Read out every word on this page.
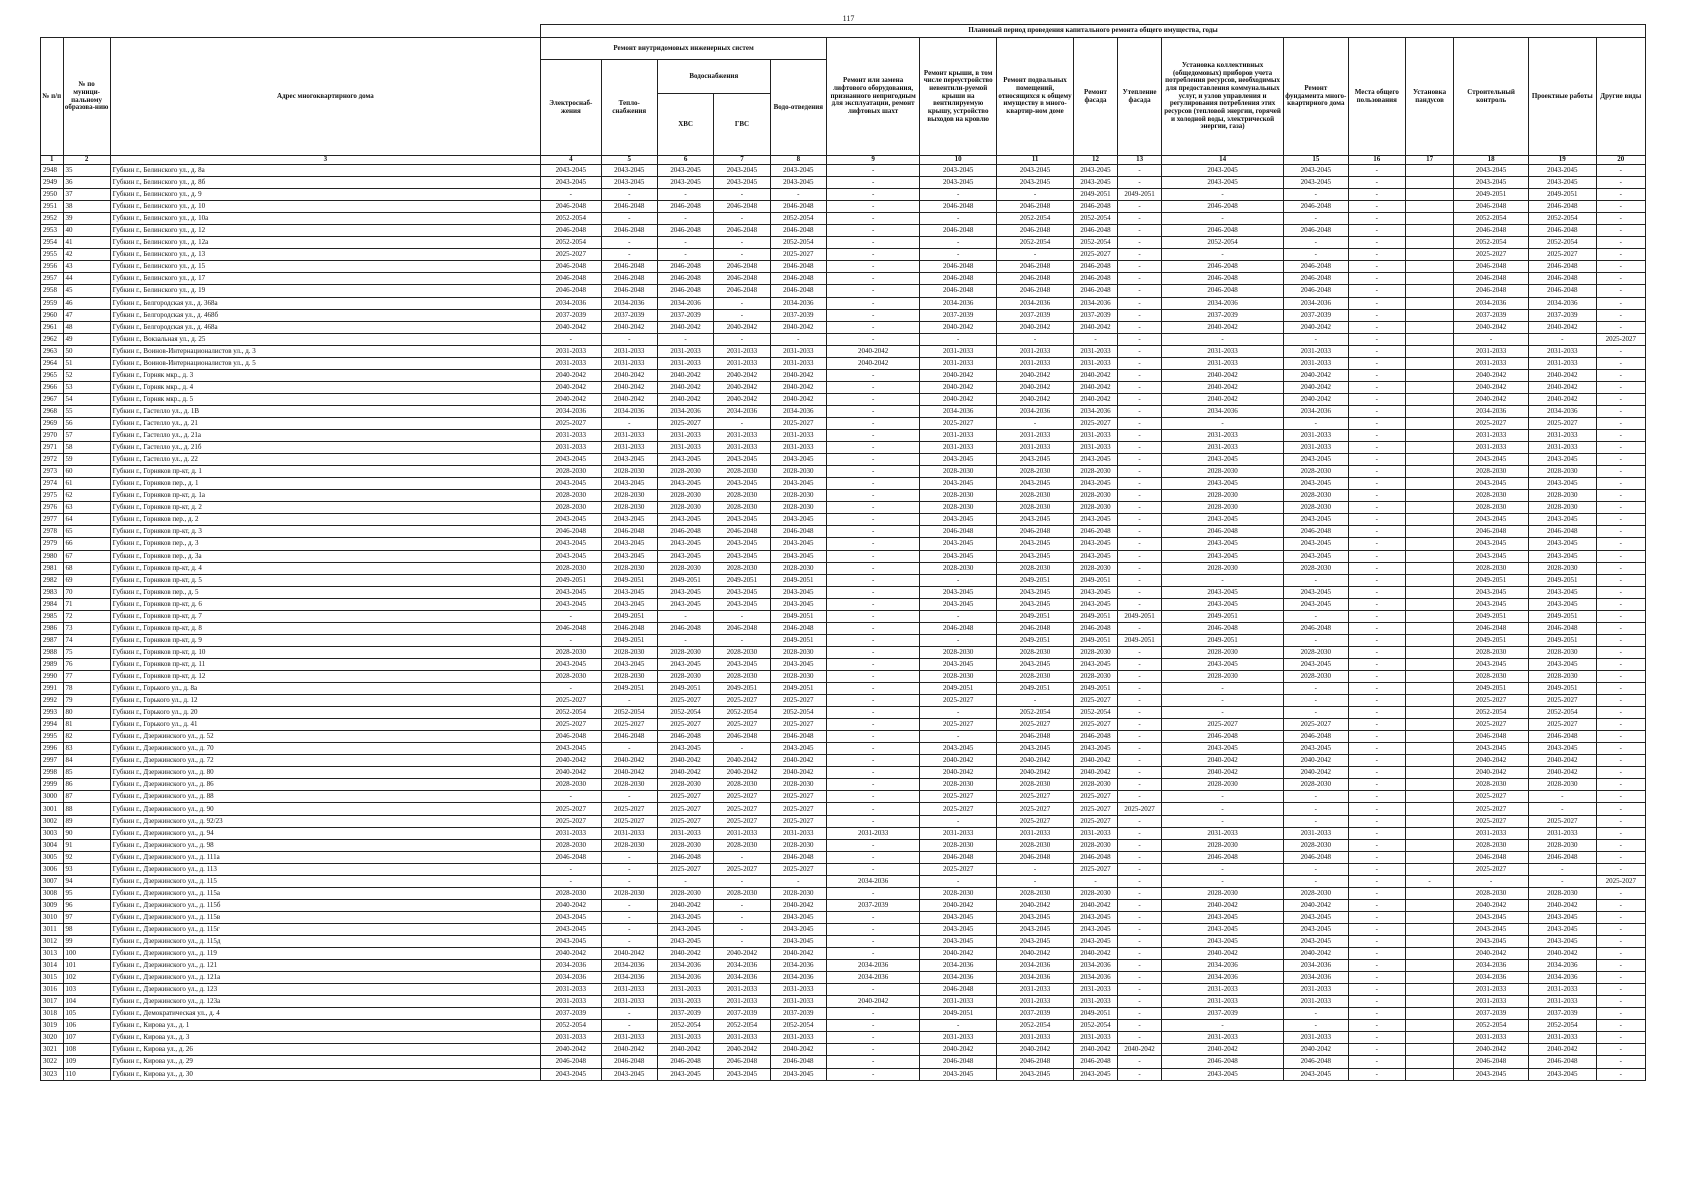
117
			Плановый период проведения капитального ремонта общего имущества, годы																
№ п/п	№ по муници-пальному образова-нию	Адрес многоквартирного дома	Ремонт внутридомовых инженерных систем					Ремонт или замена лифтового оборудования, признанного непригодным для эксплуатации, ремонт лифтовых шахт	Ремонт крыши, в том числе переустройство невентили-руемой крыши на вентилируемую крышу, устройство выходов на кровлю	Ремонт подвальных помещений, относящихся к общему имуществу в много-квартир-ном доме	Ремонт фасада	Утепление фасада	Установка коллективных (общедомовых) приборов учета потребления ресурсов, необходимых для предоставления коммунальных услуг, и узлов управления и регулирования потребления этих ресурсов (тепловой энергии, горячей и холодной воды, электрической энергии, газа)	Ремонт фундамента много-квартирного дома	Места общего пользования	Установка пандусов	Строительный контроль	Проектные работы	Другие виды
			Электроснаб-жения	Тепло-снабжения	Водоснабжения		Водо-отведения												
					ХВС	ГВС													

1	2	3	4	5	6	7	8	9	10	11	12	13	14	15	16	17	18	19	20
2948	35	Губкин г., Белинского ул., д. 8а	2043-2045	2043-2045	2043-2045	2043-2045	2043-2045	-	2043-2045	2043-2045	2043-2045	-	2043-2045	2043-2045	-		2043-2045	2043-2045	-
2949	36	Губкин г., Белинского ул., д. 8б	2043-2045	2043-2045	2043-2045	2043-2045	2043-2045	-	2043-2045	2043-2045	2043-2045	-	2043-2045	2043-2045	-		2043-2045	2043-2045	-
2950	37	Губкин г., Белинского ул., д. 9	-	-	-	-	-	-	-	-	2049-2051	2049-2051	-	-	-		2049-2051	2049-2051	-
2951	38	Губкин г., Белинского ул., д. 10	2046-2048	2046-2048	2046-2048	2046-2048	2046-2048	-	2046-2048	2046-2048	2046-2048	-	2046-2048	2046-2048	-		2046-2048	2046-2048	-
2952	39	Губкин г., Белинского ул., д. 10а	2052-2054	-	-	-	2052-2054	-	-	2052-2054	2052-2054	-	-	-	-		2052-2054	2052-2054	-
2953	40	Губкин г., Белинского ул., д. 12	2046-2048	2046-2048	2046-2048	2046-2048	2046-2048	-	2046-2048	2046-2048	2046-2048	-	2046-2048	2046-2048	-		2046-2048	2046-2048	-
2954	41	Губкин г., Белинского ул., д. 12а	2052-2054	-	-	-	2052-2054	-	-	2052-2054	2052-2054	-	2052-2054	-	-		2052-2054	2052-2054	-
2955	42	Губкин г., Белинского ул., д. 13	2025-2027	-	-	-	2025-2027	-	-	-	2025-2027	-	-	-	-		2025-2027	2025-2027	-
2956	43	Губкин г., Белинского ул., д. 15	2046-2048	2046-2048	2046-2048	2046-2048	2046-2048	-	2046-2048	2046-2048	2046-2048	-	2046-2048	2046-2048	-		2046-2048	2046-2048	-
2957	44	Губкин г., Белинского ул., д. 17	2046-2048	2046-2048	2046-2048	2046-2048	2046-2048	-	2046-2048	2046-2048	2046-2048	-	2046-2048	2046-2048	-		2046-2048	2046-2048	-
2958	45	Губкин г., Белинского ул., д. 19	2046-2048	2046-2048	2046-2048	2046-2048	2046-2048	-	2046-2048	2046-2048	2046-2048	-	2046-2048	2046-2048	-		2046-2048	2046-2048	-
2959	46	Губкин г., Белгородская ул., д. 368а	2034-2036	2034-2036	2034-2036	-	2034-2036	-	2034-2036	2034-2036	2034-2036	-	2034-2036	2034-2036	-		2034-2036	2034-2036	-
2960	47	Губкин г., Белгородская ул., д. 468б	2037-2039	2037-2039	2037-2039	-	2037-2039	-	2037-2039	2037-2039	2037-2039	-	2037-2039	2037-2039	-		2037-2039	2037-2039	-
2961	48	Губкин г., Белгородская ул., д. 468а	2040-2042	2040-2042	2040-2042	2040-2042	2040-2042	-	2040-2042	2040-2042	2040-2042	-	2040-2042	2040-2042	-		2040-2042	2040-2042	-
2962	49	Губкин г., Вокзальная ул., д. 25	-	-	-	-	-	-	-	-	-	-	-	-	-		-	-	2025-2027
2963	50	Губкин г., Воинов-Интернационалистов ул., д. 3	2031-2033	2031-2033	2031-2033	2031-2033	2031-2033	2040-2042	2031-2033	2031-2033	2031-2033	-	2031-2033	2031-2033	-		2031-2033	2031-2033	-
2964	51	Губкин г., Воинов-Интернационалистов ул., д. 5	2031-2033	2031-2033	2031-2033	2031-2033	2031-2033	2040-2042	2031-2033	2031-2033	2031-2033	-	2031-2033	2031-2033	-		2031-2033	2031-2033	-
2965	52	Губкин г., Горняк мкр., д. 3	2040-2042	2040-2042	2040-2042	2040-2042	2040-2042	-	2040-2042	2040-2042	2040-2042	-	2040-2042	2040-2042	-		2040-2042	2040-2042	-
2966	53	Губкин г., Горняк мкр., д. 4	2040-2042	2040-2042	2040-2042	2040-2042	2040-2042	-	2040-2042	2040-2042	2040-2042	-	2040-2042	2040-2042	-		2040-2042	2040-2042	-
2967	54	Губкин г., Горняк мкр., д. 5	2040-2042	2040-2042	2040-2042	2040-2042	2040-2042	-	2040-2042	2040-2042	2040-2042	-	2040-2042	2040-2042	-		2040-2042	2040-2042	-
2968	55	Губкин г., Гастелло ул., д. 1В	2034-2036	2034-2036	2034-2036	2034-2036	2034-2036	-	2034-2036	2034-2036	2034-2036	-	2034-2036	2034-2036	-		2034-2036	2034-2036	-
2969	56	Губкин г., Гастелло ул., д. 21	2025-2027	-	2025-2027	-	2025-2027	-	2025-2027	-	2025-2027	-	-	-	-		2025-2027	2025-2027	-
2970	57	Губкин г., Гастелло ул., д. 21а	2031-2033	2031-2033	2031-2033	2031-2033	2031-2033	-	2031-2033	2031-2033	2031-2033	-	2031-2033	2031-2033	-		2031-2033	2031-2033	-
2971	58	Губкин г., Гастелло ул., д. 21б	2031-2033	2031-2033	2031-2033	2031-2033	2031-2033	-	2031-2033	2031-2033	2031-2033	-	2031-2033	2031-2033	-		2031-2033	2031-2033	-
2972	59	Губкин г., Гастелло ул., д. 22	2043-2045	2043-2045	2043-2045	2043-2045	2043-2045	-	2043-2045	2043-2045	2043-2045	-	2043-2045	2043-2045	-		2043-2045	2043-2045	-
2973	60	Губкин г., Горняков пр-кт, д. 1	2028-2030	2028-2030	2028-2030	2028-2030	2028-2030	-	2028-2030	2028-2030	2028-2030	-	2028-2030	2028-2030	-		2028-2030	2028-2030	-
2974	61	Губкин г., Горняков пер., д. 1	2043-2045	2043-2045	2043-2045	2043-2045	2043-2045	-	2043-2045	2043-2045	2043-2045	-	2043-2045	2043-2045	-		2043-2045	2043-2045	-
2975	62	Губкин г., Горняков пр-кт, д. 1а	2028-2030	2028-2030	2028-2030	2028-2030	2028-2030	-	2028-2030	2028-2030	2028-2030	-	2028-2030	2028-2030	-		2028-2030	2028-2030	-
2976	63	Губкин г., Горняков пр-кт, д. 2	2028-2030	2028-2030	2028-2030	2028-2030	2028-2030	-	2028-2030	2028-2030	2028-2030	-	2028-2030	2028-2030	-		2028-2030	2028-2030	-
2977	64	Губкин г., Горняков пер., д. 2	2043-2045	2043-2045	2043-2045	2043-2045	2043-2045	-	2043-2045	2043-2045	2043-2045	-	2043-2045	2043-2045	-		2043-2045	2043-2045	-
2978	65	Губкин г., Горняков пр-кт, д. 3	2046-2048	2046-2048	2046-2048	2046-2048	2046-2048	-	2046-2048	2046-2048	2046-2048	-	2046-2048	2046-2048	-		2046-2048	2046-2048	-
2979	66	Губкин г., Горняков пер., д. 3	2043-2045	2043-2045	2043-2045	2043-2045	2043-2045	-	2043-2045	2043-2045	2043-2045	-	2043-2045	2043-2045	-		2043-2045	2043-2045	-
2980	67	Губкин г., Горняков пер., д. 3а	2043-2045	2043-2045	2043-2045	2043-2045	2043-2045	-	2043-2045	2043-2045	2043-2045	-	2043-2045	2043-2045	-		2043-2045	2043-2045	-
2981	68	Губкин г., Горняков пр-кт, д. 4	2028-2030	2028-2030	2028-2030	2028-2030	2028-2030	-	2028-2030	2028-2030	2028-2030	-	2028-2030	2028-2030	-		2028-2030	2028-2030	-
2982	69	Губкин г., Горняков пр-кт, д. 5	2049-2051	2049-2051	2049-2051	2049-2051	2049-2051	-	-	2049-2051	2049-2051	-	-	-	-		2049-2051	2049-2051	-
2983	70	Губкин г., Горняков пер., д. 5	2043-2045	2043-2045	2043-2045	2043-2045	2043-2045	-	2043-2045	2043-2045	2043-2045	-	2043-2045	2043-2045	-		2043-2045	2043-2045	-
2984	71	Губкин г., Горняков пр-кт, д. 6	2043-2045	2043-2045	2043-2045	2043-2045	2043-2045	-	2043-2045	2043-2045	2043-2045	-	2043-2045	2043-2045	-		2043-2045	2043-2045	-
2985	72	Губкин г., Горняков пр-кт, д. 7	-	2049-2051	-	-	2049-2051	-	-	2049-2051	2049-2051	2049-2051	2049-2051	-	-		2049-2051	2049-2051	-
2986	73	Губкин г., Горняков пр-кт, д. 8	2046-2048	2046-2048	2046-2048	2046-2048	2046-2048	-	2046-2048	2046-2048	2046-2048	-	2046-2048	2046-2048	-		2046-2048	2046-2048	-
2987	74	Губкин г., Горняков пр-кт, д. 9	-	2049-2051	-	-	2049-2051	-	-	2049-2051	2049-2051	2049-2051	2049-2051	-	-		2049-2051	2049-2051	-
2988	75	Губкин г., Горняков пр-кт, д. 10	2028-2030	2028-2030	2028-2030	2028-2030	2028-2030	-	2028-2030	2028-2030	2028-2030	-	2028-2030	2028-2030	-		2028-2030	2028-2030	-
2989	76	Губкин г., Горняков пр-кт, д. 11	2043-2045	2043-2045	2043-2045	2043-2045	2043-2045	-	2043-2045	2043-2045	2043-2045	-	2043-2045	2043-2045	-		2043-2045	2043-2045	-
2990	77	Губкин г., Горняков пр-кт, д. 12	2028-2030	2028-2030	2028-2030	2028-2030	2028-2030	-	2028-2030	2028-2030	2028-2030	-	2028-2030	2028-2030	-		2028-2030	2028-2030	-
2991	78	Губкин г., Горького ул., д. 8а	-	2049-2051	2049-2051	2049-2051	2049-2051	-	2049-2051	2049-2051	2049-2051	-	-	-	-		2049-2051	2049-2051	-
2992	79	Губкин г., Горького ул., д. 12	2025-2027	-	2025-2027	2025-2027	2025-2027	-	2025-2027	-	2025-2027	-	-	-	-		2025-2027	2025-2027	-
2993	80	Губкин г., Горького ул., д. 20	2052-2054	2052-2054	2052-2054	2052-2054	2052-2054	-	-	2052-2054	2052-2054	-	-	-	-		2052-2054	2052-2054	-
2994	81	Губкин г., Горького ул., д. 41	2025-2027	2025-2027	2025-2027	2025-2027	2025-2027	-	2025-2027	2025-2027	2025-2027	-	2025-2027	2025-2027	-		2025-2027	2025-2027	-
2995	82	Губкин г., Дзержинского ул., д. 52	2046-2048	2046-2048	2046-2048	2046-2048	2046-2048	-	-	2046-2048	2046-2048	-	2046-2048	2046-2048	-		2046-2048	2046-2048	-
2996	83	Губкин г., Дзержинского ул., д. 70	2043-2045	-	2043-2045	-	2043-2045	-	2043-2045	2043-2045	2043-2045	-	2043-2045	2043-2045	-		2043-2045	2043-2045	-
2997	84	Губкин г., Дзержинского ул., д. 72	2040-2042	2040-2042	2040-2042	2040-2042	2040-2042	-	2040-2042	2040-2042	2040-2042	-	2040-2042	2040-2042	-		2040-2042	2040-2042	-
2998	85	Губкин г., Дзержинского ул., д. 80	2040-2042	2040-2042	2040-2042	2040-2042	2040-2042	-	2040-2042	2040-2042	2040-2042	-	2040-2042	2040-2042	-		2040-2042	2040-2042	-
2999	86	Губкин г., Дзержинского ул., д. 86	2028-2030	2028-2030	2028-2030	2028-2030	2028-2030	-	2028-2030	2028-2030	2028-2030	-	2028-2030	2028-2030	-		2028-2030	2028-2030	-
3000	87	Губкин г., Дзержинского ул., д. 88	-	-	2025-2027	2025-2027	2025-2027	-	2025-2027	2025-2027	2025-2027	-	-	-	-		2025-2027	-	-
3001	88	Губкин г., Дзержинского ул., д. 90	2025-2027	2025-2027	2025-2027	2025-2027	2025-2027	-	2025-2027	2025-2027	2025-2027	2025-2027	-	-	-		2025-2027	-	-
3002	89	Губкин г., Дзержинского ул., д. 92/23	2025-2027	2025-2027	2025-2027	2025-2027	2025-2027	-	-	2025-2027	2025-2027	-	-	-	-		2025-2027	2025-2027	-
3003	90	Губкин г., Дзержинского ул., д. 94	2031-2033	2031-2033	2031-2033	2031-2033	2031-2033	2031-2033	2031-2033	2031-2033	2031-2033	-	2031-2033	2031-2033	-		2031-2033	2031-2033	-
3004	91	Губкин г., Дзержинского ул., д. 98	2028-2030	2028-2030	2028-2030	2028-2030	2028-2030	-	2028-2030	2028-2030	2028-2030	-	2028-2030	2028-2030	-		2028-2030	2028-2030	-
3005	92	Губкин г., Дзержинского ул., д. 111а	2046-2048	-	2046-2048	-	2046-2048	-	2046-2048	2046-2048	2046-2048	-	2046-2048	2046-2048	-		2046-2048	2046-2048	-
3006	93	Губкин г., Дзержинского ул., д. 113	-	-	2025-2027	2025-2027	2025-2027	-	2025-2027	-	2025-2027	-	-	-	-		2025-2027	-	-
3007	94	Губкин г., Дзержинского ул., д. 115	-	-	-	-	-	2034-2036	-	-	-	-	-	-	-	-	-	-	2025-2027
3008	95	Губкин г., Дзержинского ул., д. 115а	2028-2030	2028-2030	2028-2030	2028-2030	2028-2030	-	2028-2030	2028-2030	2028-2030	-	2028-2030	2028-2030	-		2028-2030	2028-2030	-
3009	96	Губкин г., Дзержинского ул., д. 115б	2040-2042	-	2040-2042	-	2040-2042	2037-2039	2040-2042	2040-2042	2040-2042	-	2040-2042	2040-2042	-		2040-2042	2040-2042	-
3010	97	Губкин г., Дзержинского ул., д. 115в	2043-2045	-	2043-2045	-	2043-2045	-	2043-2045	2043-2045	2043-2045	-	2043-2045	2043-2045	-		2043-2045	2043-2045	-
3011	98	Губкин г., Дзержинского ул., д. 115г	2043-2045	-	2043-2045	-	2043-2045	-	2043-2045	2043-2045	2043-2045	-	2043-2045	2043-2045	-		2043-2045	2043-2045	-
3012	99	Губкин г., Дзержинского ул., д. 115д	2043-2045	-	2043-2045	-	2043-2045	-	2043-2045	2043-2045	2043-2045	-	2043-2045	2043-2045	-		2043-2045	2043-2045	-
3013	100	Губкин г., Дзержинского ул., д. 119	2040-2042	2040-2042	2040-2042	2040-2042	2040-2042	-	2040-2042	2040-2042	2040-2042	-	2040-2042	2040-2042	-		2040-2042	2040-2042	-
3014	101	Губкин г., Дзержинского ул., д. 121	2034-2036	2034-2036	2034-2036	2034-2036	2034-2036	2034-2036	2034-2036	2034-2036	2034-2036	-	2034-2036	2034-2036	-		2034-2036	2034-2036	-
3015	102	Губкин г., Дзержинского ул., д. 121а	2034-2036	2034-2036	2034-2036	2034-2036	2034-2036	2034-2036	2034-2036	2034-2036	2034-2036	-	2034-2036	2034-2036	-		2034-2036	2034-2036	-
3016	103	Губкин г., Дзержинского ул., д. 123	2031-2033	2031-2033	2031-2033	2031-2033	2031-2033	-	2046-2048	2031-2033	2031-2033	-	2031-2033	2031-2033	-		2031-2033	2031-2033	-
3017	104	Губкин г., Дзержинского ул., д. 123а	2031-2033	2031-2033	2031-2033	2031-2033	2031-2033	2040-2042	2031-2033	2031-2033	2031-2033	-	2031-2033	2031-2033	-		2031-2033	2031-2033	-
3018	105	Губкин г., Демократическая ул., д. 4	2037-2039	-	2037-2039	2037-2039	2037-2039	-	2049-2051	2037-2039	2049-2051	-	2037-2039	-	-		2037-2039	2037-2039	-
3019	106	Губкин г., Кирова ул., д. 1	2052-2054	-	2052-2054	2052-2054	2052-2054	-	-	2052-2054	2052-2054	-	-	-	-		2052-2054	2052-2054	-
3020	107	Губкин г., Кирова ул., д. 3	2031-2033	2031-2033	2031-2033	2031-2033	2031-2033	-	2031-2033	2031-2033	2031-2033	-	2031-2033	2031-2033	-		2031-2033	2031-2033	-
3021	108	Губкин г., Кирова ул., д. 26	2040-2042	2040-2042	2040-2042	2040-2042	2040-2042	-	2040-2042	2040-2042	2040-2042	2040-2042	2040-2042	2040-2042	-		2040-2042	2040-2042	-
3022	109	Губкин г., Кирова ул., д. 29	2046-2048	2046-2048	2046-2048	2046-2048	2046-2048	-	2046-2048	2046-2048	2046-2048	-	2046-2048	2046-2048	-		2046-2048	2046-2048	-
3023	110	Губкин г., Кирова ул., д. 30	2043-2045	2043-2045	2043-2045	2043-2045	2043-2045	-	2043-2045	2043-2045	2043-2045	-	2043-2045	2043-2045	-		2043-2045	2043-2045	-
